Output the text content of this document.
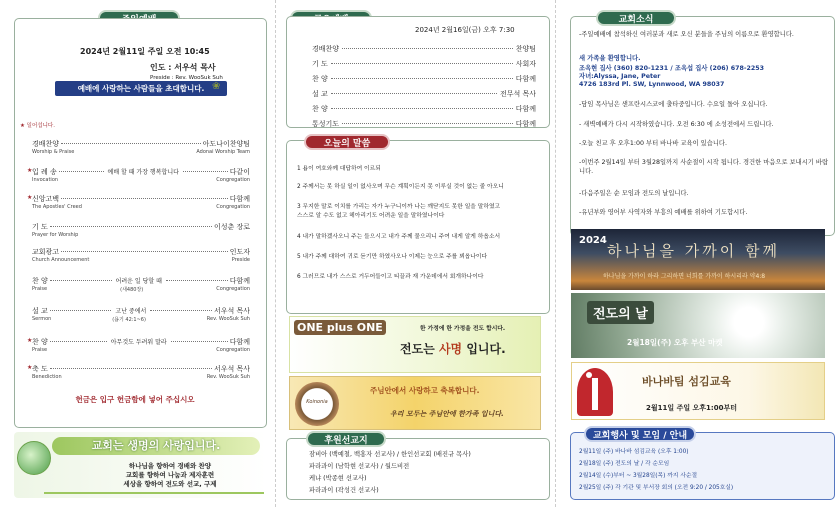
2024년 2월11일 주일 오전 10:45
인도 : 서우석 목사
Preside : Rev. WooSuk Suh
예배에 사랑하는 사람들을 초대합니다. ❀
★ 일어섭니다.
경배찬양	아도나이찬양팀
Worship & Praise	Adonai Worship Team
★ 입 례 송	예배 할 때 가장 행복합니다	다같이
Invocation	Congregation
★ 신앙고백	다함께
The Apostles' Creed	Congregation
기 도	이성춘 장로
Prayer for Worship
교회광고	인도자
Church Announcement	Preside
찬 양	어려운 일 당할 때	다함께
Praise	(새480장)	Congregation
설 교	고난 중에서	서우석 목사
Sermon	(욥기 42:1~6)	Rev. WooSuk Suh
★ 찬 양	아무것도 두려워 말라	다함께
Praise	Congregation
★ 축 도	서우석 목사
Benediction	Rev. WooSuk Suh
헌금은 입구 헌금함에 넣어 주십시오
교회는 생명의 사랑입니다.
하나님을 향하여 경배와 찬양
교회를 향하여 나눔과 제자훈련
세상을 향하여 전도와 선교, 구제
2024년 2월16일(금) 오후 7:30
경배찬양	찬양팀
기 도	사회자
찬 양	다함께
설 교	전무석 목사
찬 양	다함께
통성기도	다함께
오늘의 말씀
1 욥이 여호와께 대답하여 이르되
2 주께서는 못 하실 일이 없사오며 무슨 계획이든지 못 이루실 것이 없는 줄 아오니
3 무지한 말로 이치를 가리는 자가 누구니이까 나는 깨닫지도 못한 일을 말하였고
스스로 알 수도 없고 헤아리기도 어려운 일을 말하였나이다
4 내가 말하겠사오니 주는 들으시고 내가 주께 물으리니 주여 내게 알게 하옵소서
5 내가 주께 대하여 귀로 듣기만 하였사오나 이제는 눈으로 주를 뵈옵나이다
6 그러므로 내가 스스로 거두어들이고 티끌과 재 가운데에서 회개하나이다
후원선교지
잠비아 (백예철, 백홍자 선교사) / 한인선교회 (배진규 목사)
파라과이 (남학현 선교사) / 월드비전
케냐 (박종현 선교사)
파라과이 (곽성건 선교사)
ONE plus ONE	한 가정에 한 가정을 전도 합시다.
전도는 사명 입니다.
Koinonia
주님안에서 사랑하고 축복합니다.
우리 모두는 주님안에 한가족 입니다.
교회소식
-주일예배에 참석하신 여러분과 새로 오신 분들을 주님의 이름으로 환영합니다.
새 가족을 환영합니다.
조옥현 집사 (360) 820-1231 / 조옥섭 집사 (206) 678-2253
자녀:Alyssa, Jane, Peter
4726 183rd Pl. SW, Lynnwood, WA 98037
-담임 목사님은 샌프란시스코에 출타중입니다. 수요일 돌아 오십니다.
- 새벽예배가 다시 시작하였습니다. 오전 6:30 에 소성전에서 드립니다.
-오늘 친교 후 오후1:00 부터 바나바 교육이 있습니다.
-이번주 2월14일 부터 3월28일까지 사순절이 시작 됩니다. 경건한 마음으로 보내시기 바랍니다.
-다음주일은 순 모임과 전도의 날입니다.
-유년부와 영어부 사역자와 부흥의 예배를 위하여 기도합시다.
교회행사 및 모임 / 안내
2월11일 (주) 바나바 섬김교육 (오후 1:00)
2월18일 (주) 전도의 날 / 각 순모임
2월14일 (수)부터 ~ 3월28일(목) 까지 사순절
2월25일 (주) 각 기관 및 부서장 회의 (오전 9:20 / 205호실)
2024
하나님을 가까이 함께
하나님을 가까이 하라 그리하면 너희를 가까이 하시리라 약4:8
전도의 날
2월18일(주) 오후 부산 마켓
바나바팀 섬김교육
2월11일 주일 오후1:00부터
